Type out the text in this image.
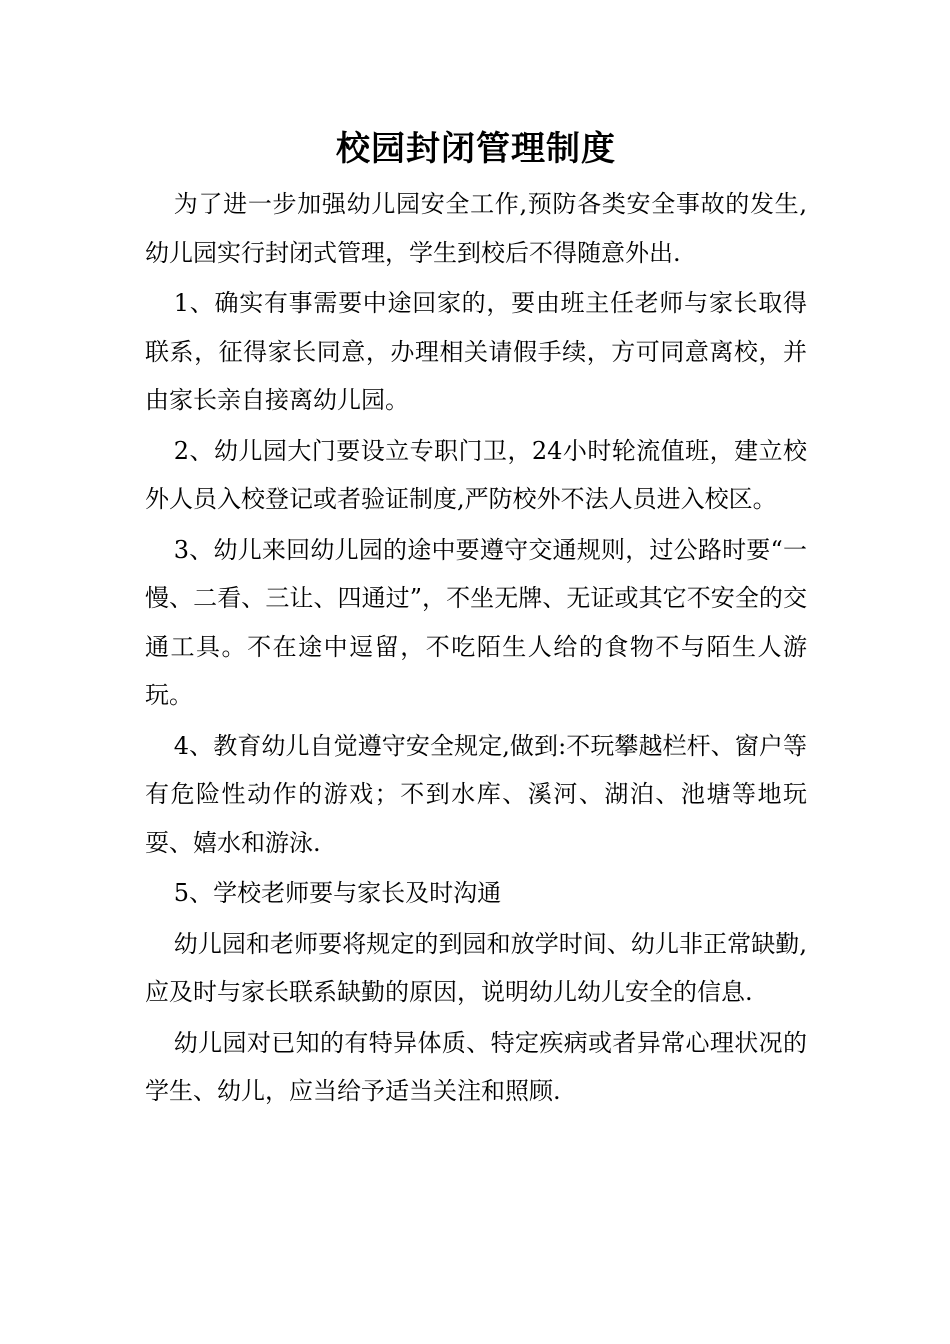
校园封闭管理制度

为了进一步加强幼儿园安全工作,预防各类安全事故的发生,幼儿园实行封闭式管理，学生到校后不得随意外出.

1、确实有事需要中途回家的，要由班主任老师与家长取得联系，征得家长同意，办理相关请假手续，方可同意离校，并由家长亲自接离幼儿园。

2、幼儿园大门要设立专职门卫，24小时轮流值班，建立校外人员入校登记或者验证制度,严防校外不法人员进入校区。

3、幼儿来回幼儿园的途中要遵守交通规则，过公路时要“一慢、二看、三让、四通过”，不坐无牌、无证或其它不安全的交通工具。不在途中逗留，不吃陌生人给的食物不与陌生人游玩。

4、教育幼儿自觉遵守安全规定,做到:不玩攀越栏杆、窗户等有危险性动作的游戏；不到水库、溪河、湖泊、池塘等地玩耍、嬉水和游泳.

5、学校老师要与家长及时沟通

幼儿园和老师要将规定的到园和放学时间、幼儿非正常缺勤,应及时与家长联系缺勤的原因，说明幼儿幼儿安全的信息.

幼儿园对已知的有特异体质、特定疾病或者异常心理状况的学生、幼儿，应当给予适当关注和照顾.
